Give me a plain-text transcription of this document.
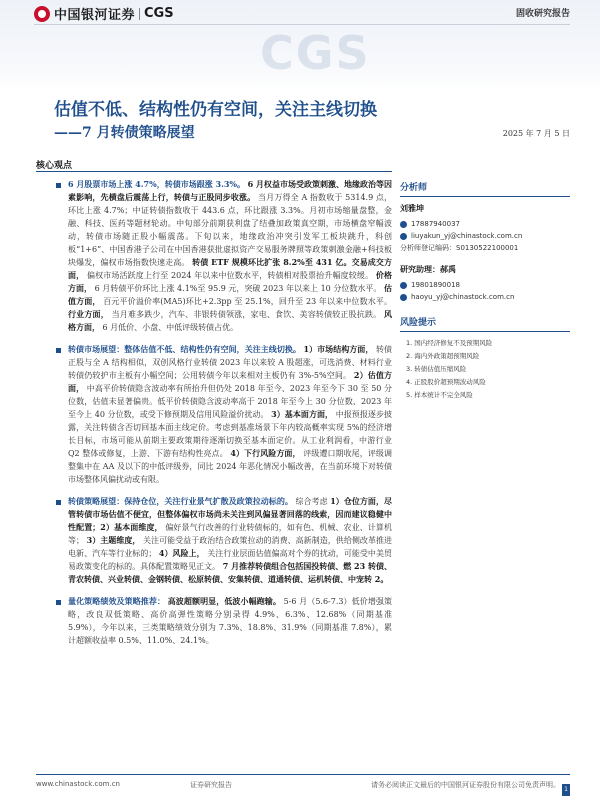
中国银河证券 CGS	固收研究报告
CGS
估值不低、结构性仍有空间，关注主线切换
——7 月转债策略展望	2025 年 7 月 5 日
核心观点
6 月股票市场上涨 4.7%，转债市场跟涨 3.3%。 6 月权益市场受政策刺激、地缘政治等因素影响，先横盘后震荡上行，转债与正股同步收涨。 当月万得全 A 指数收于 5314.9 点，环比上涨 4.7%；中证转债指数收于 443.6 点，环比跟涨 3.3%。月初市场缩量盘整，金融、科技、医药等题材轮动。中旬部分前期获利盘了结叠加政策真空期，市场横盘窄幅波动，转债市场随正股小幅震荡。下旬以来，地缘政治冲突引发军工板块跳升，科创板“1+6”、中国香港子公司在中国香港获批虚拟资产交易服务牌照等政策刺激金融+科技板块爆发，偏权市场指数快速走高。 转债 ETF 规模环比扩张 8.2%至 431 亿。交易成交方面， 偏权市场活跃度上行至 2024 年以来中位数水平，转债相对股票抬升幅度较缓。 价格方面， 6 月转债平价环比上涨 4.1%至 95.9 元，突破 2023 年以来上 10 分位数水平。 估值方面， 百元平价溢价率(MA5)环比+2.3pp 至 25.1%，回升至 23 年以来中位数水平。 行业方面， 当月难多跌少，汽车、非银转债领涨，家电、食饮、美容转债较正股抗跌。 风格方面， 6 月低价、小盘、中低评级转债占优。
转债市场展望：整体估值不低、结构性仍有空间，关注主线切换。 1）市场结构方面， 转债正股与全 A 结构相似，双创风格行业转债 2023 年以来较 A 股超涨，可选消费、材料行业转债仍较护市主板有小幅空间；公用转债今年以来相对主板仍有 3%-5%空间。 2）估值方面， 中高平价转债隐含波动率有所抬升但仍处 2018 年至今、2023 年至今下 30 至 50 分位数，估值未显著偏贵。低平价转债隐含波动率高于 2018 年至今上 30 分位数、2023 年至今上 40 分位数，或受下修预期及信用风险溢价扰动。 3）基本面方面， 中报预报逐步披露，关注转债含否切回基本面主线定价。考虑到基准场景下年内较高概率实现 5%的经济增长目标，市场可能从前期主要政策期待逐渐切换至基本面定价。从工业利润看，中游行业 Q2 整体或修复，上游、下游有结构性亮点。 4）下行风险方面， 评级遭口期收尾，评级调整集中在 AA 及以下的中低评级券，同比 2024 年恶化情况小幅改善，在当前环境下对转债市场整体风偏扰动或有限。
转债策略展望：保持仓位，关注行业景气扩散及政策拉动标的。 综合考虑 1）仓位方面，尽管转债市场估值不便宜，但整体偏权市场尚未关注到风偏显著回落的线索，因而建议稳健中性配置；2）基本面维度， 偏好景气行改善的行业转债标的，如有色、机械、农业、计算机等； 3）主题维度， 关注可能受益于政治结合政策拉动的消费、高新制造，供给侧改革推进电新、汽车等行业标的； 4）风险上， 关注行业层面估值偏高对个券的扰动，可能受中美贸易政策变化的标的。具体配置策略见正文。 7 月推荐转债组合包括国投转债、燃 23 转债、青农转债、兴业转债、金钢转债、松原转债、安集转债、道通转债、运机转债、中宠转 2。
量化策略绩效及策略推荐： 高波超额明显，低波小幅跑输。 5-6 月（5.6-7.3）低价增强策略，改良双低策略、高价高弹性策略分别录得 4.9%、6.3%、12.68%（同期基准 5.9%），今年以来，三类策略绩效分别为 7.3%、18.8%、31.9%（同期基准 7.8%），累计超额收益率 0.5%、11.0%、24.1%。
分析师
刘雅坤
17887940037
liuyakun_yj@chinastock.com.cn
分析师登记编码：S0130522100001
研究助理：郝禹
19801890018
haoyu_yj@chinastock.com.cn
风险提示
1. 国内经济修复不及预期风险
2. 海内外政策超预期风险
3. 转债估值压缩风险
4. 正股股价超预期波动风险
5. 样本统计不完全风险
www.chinastock.com.cn	证券研究报告	请务必阅读正文最后的中国银河证券股份有限公司免责声明。
1
